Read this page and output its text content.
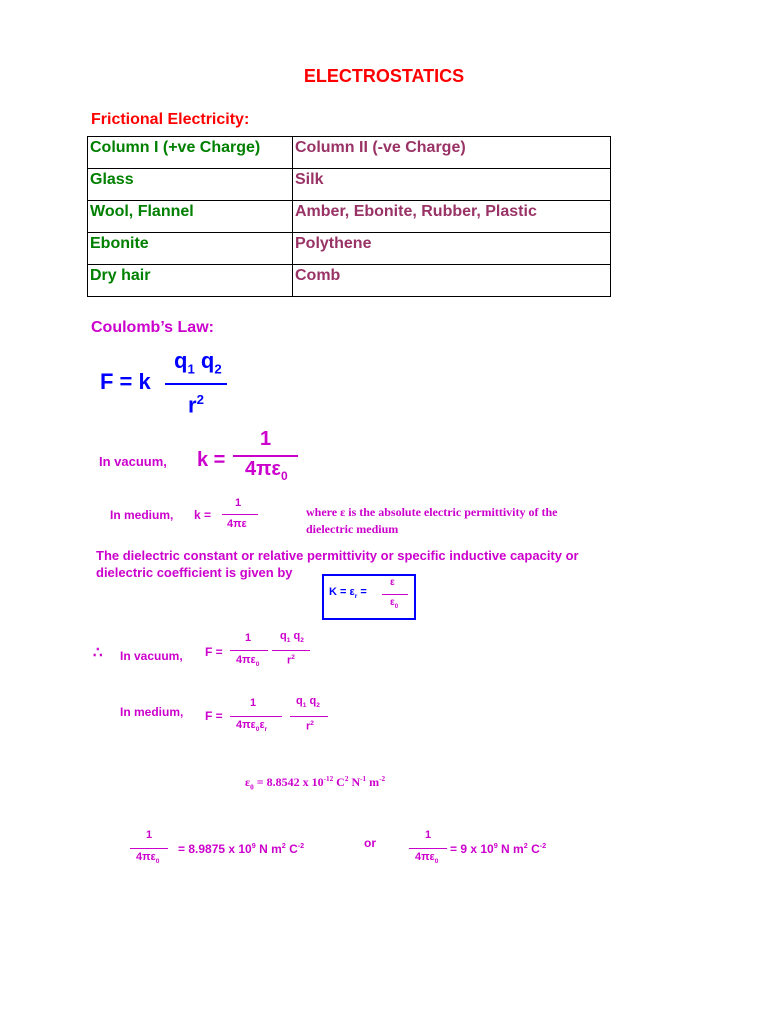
ELECTROSTATICS
Frictional Electricity:
Column I (+ve Charge)	Column II (-ve Charge)
Glass	Silk
Wool, Flannel	Amber, Ebonite, Rubber, Plastic
Ebonite	Polythene
Dry hair	Comb
Coulomb’s Law:
F = k
$q_1$ $q_2$
$r^2$
In vacuum, k =
1
$4\pi\varepsilon_0$
In medium, k =
1
4πε
where ε is the absolute electric permittivity of the
dielectric medium
The dielectric constant or relative permittivity or specific inductive capacity or
dielectric coefficient is given by
$K = \varepsilon_r$ =
ε
$\varepsilon_0$
∴ In vacuum, F =
1
$4\pi\varepsilon_0$
$q_1$ $q_2$
$r^2$
In medium, F =
1
$4\pi\varepsilon_0\varepsilon_r$
$q_1$ $q_2$
$r^2$
$\varepsilon_0 = 8.8542$ x $10^{-12}$ $C^2$ $N^{-1}$ $m^{-2}$
1
$4\pi\varepsilon_0$
= 8.9875 x $10^9$ N $m^2$ $C^{-2}$	or
1
$4\pi\varepsilon_0$
= 9 x $10^9$ N $m^2$ $C^{-2}$
